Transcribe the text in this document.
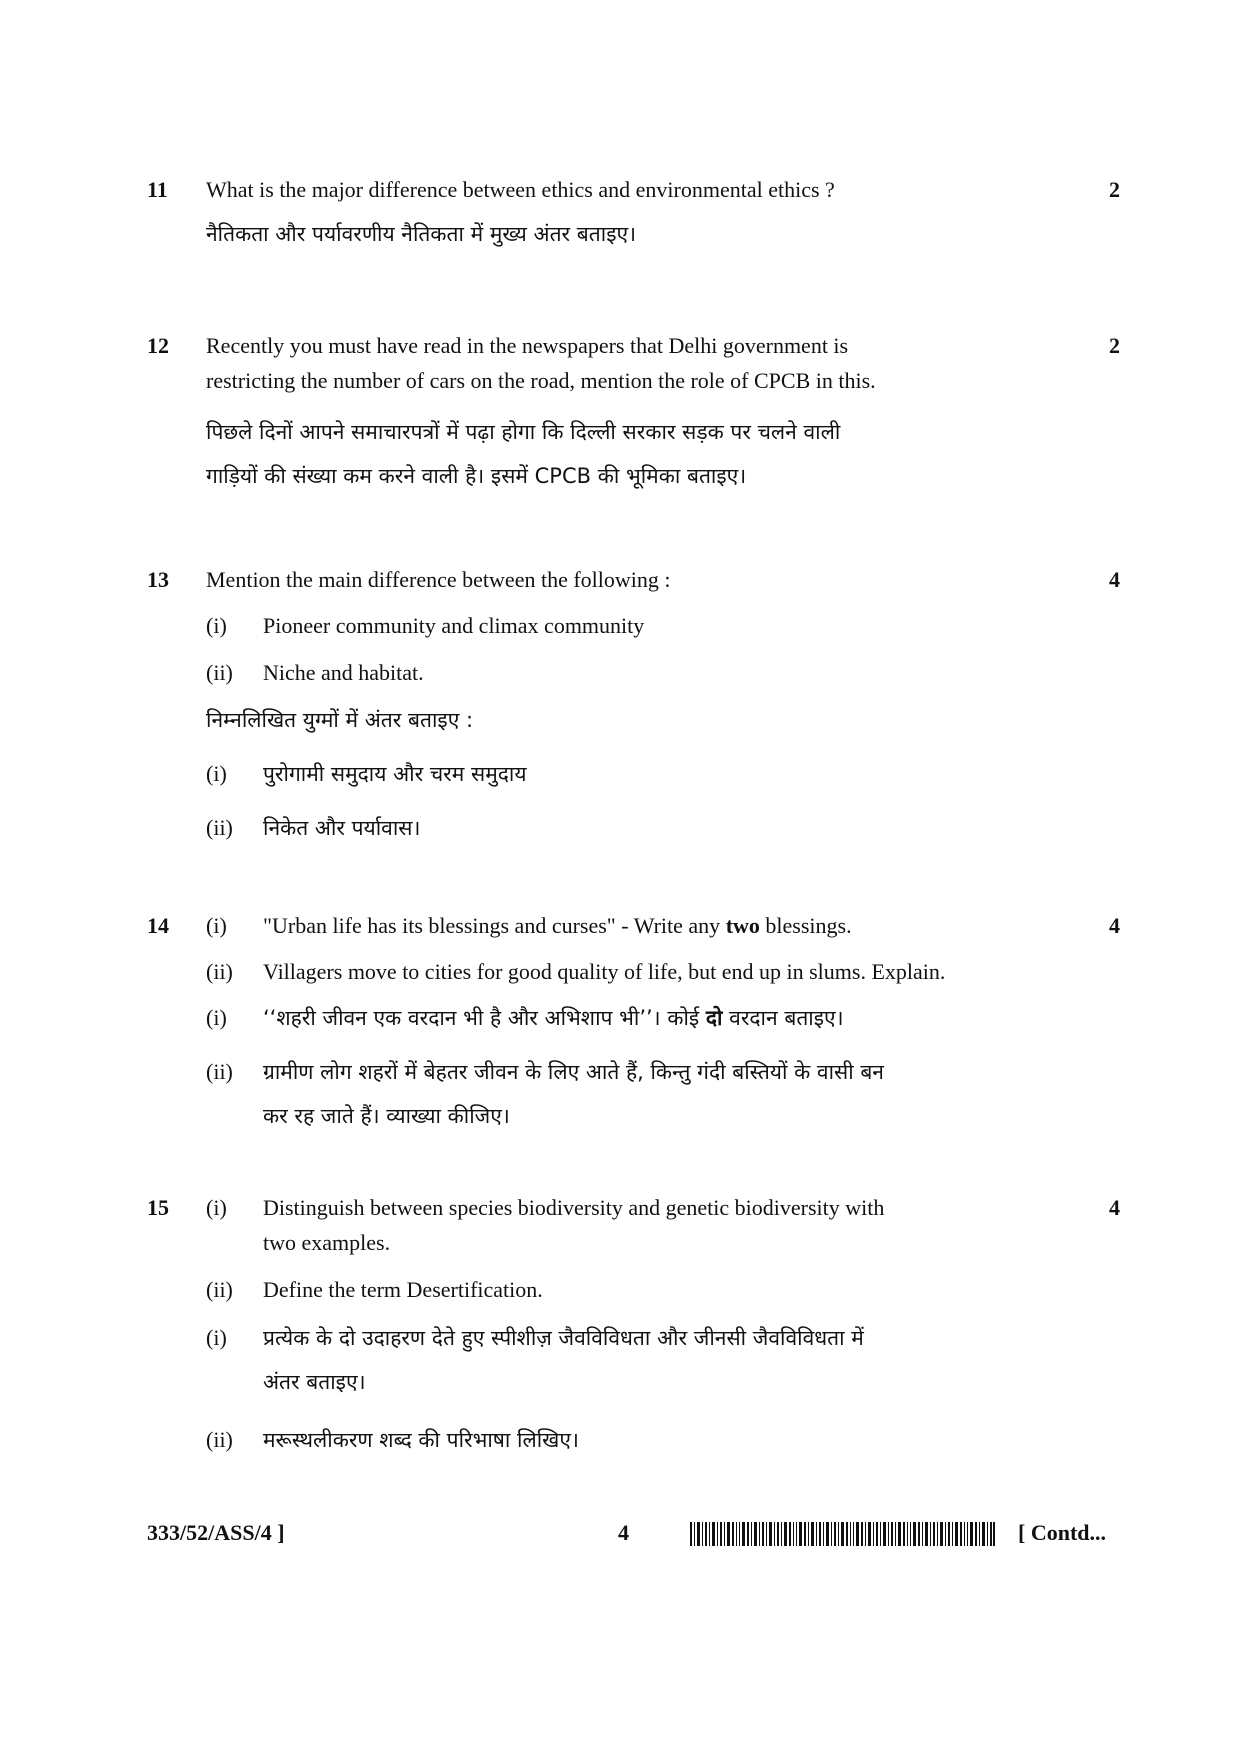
11 What is the major difference between ethics and environmental ethics ?	2
नैतिकता और पर्यावरणीय नैतिकता में मुख्य अंतर बताइए।
12 Recently you must have read in the newspapers that Delhi government is	2
restricting the number of cars on the road, mention the role of CPCB in this.
पिछले दिनों आपने समाचारपत्रों में पढ़ा होगा कि दिल्ली सरकार सड़क पर चलने वाली
गाड़ियों की संख्या कम करने वाली है। इसमें CPCB की भूमिका बताइए।
13 Mention the main difference between the following :	4
(i)	Pioneer community and climax community
(ii)	Niche and habitat.
निम्नलिखित युग्मों में अंतर बताइए :
(i)	पुरोगामी समुदाय और चरम समुदाय
(ii)	निकेत और पर्यावास।
14	4
(i)	"Urban life has its blessings and curses" - Write any two blessings.
(ii)	Villagers move to cities for good quality of life, but end up in slums. Explain.
(i)	‘‘शहरी जीवन एक वरदान भी है और अभिशाप भी’’। कोई दो वरदान बताइए।
(ii)	ग्रामीण लोग शहरों में बेहतर जीवन के लिए आते हैं, किन्तु गंदी बस्तियों के वासी बन
कर रह जाते हैं। व्याख्या कीजिए।
15	4
(i)	Distinguish between species biodiversity and genetic biodiversity with
two examples.
(ii)	Define the term Desertification.
(i)	प्रत्येक के दो उदाहरण देते हुए स्पीशीज़ जैवविविधता और जीनसी जैवविविधता में
अंतर बताइए।
(ii)	मरूस्थलीकरण शब्द की परिभाषा लिखिए।
333/52/ASS/4 ]	4	[ Contd...
